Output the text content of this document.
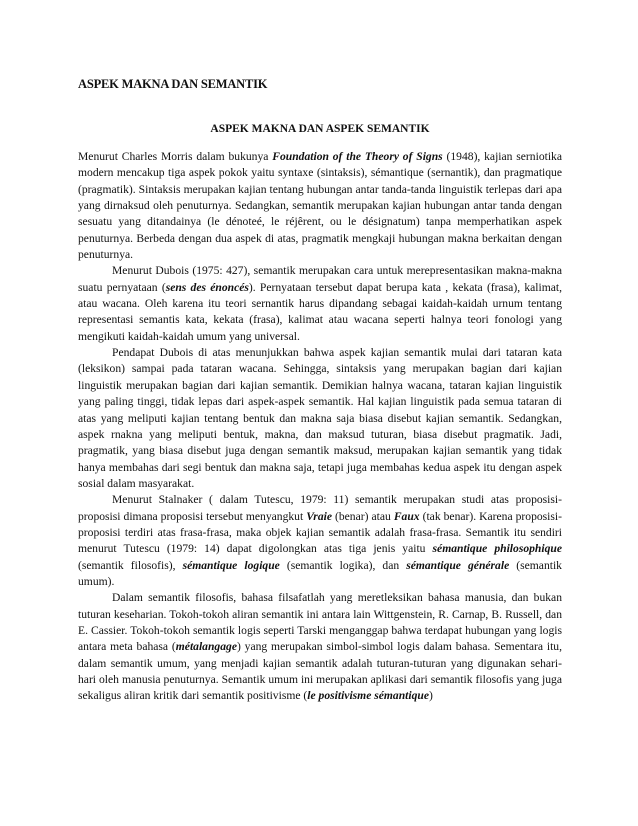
ASPEK MAKNA DAN SEMANTIK
ASPEK MAKNA DAN ASPEK SEMANTIK

Menurut Charles Morris dalam bukunya Foundation of the Theory of Signs (1948), kajian serniotika modern mencakup tiga aspek pokok yaitu syntaxe (sintaksis), sémantique (sernantik), dan pragmatique (pragmatik). Sintaksis merupakan kajian tentang hubungan antar tanda-tanda linguistik terlepas dari apa yang dirnaksud oleh penuturnya. Sedangkan, semantik merupakan kajian hubungan antar tanda dengan sesuatu yang ditandainya (le dénoteé, le réjêrent, ou le désignatum) tanpa memperhatikan aspek penuturnya. Berbeda dengan dua aspek di atas, pragmatik mengkaji hubungan makna berkaitan dengan penuturnya.

Menurut Dubois (1975: 427), semantik merupakan cara untuk merepresentasikan makna-makna suatu pernyataan (sens des énoncés). Pernyataan tersebut dapat berupa kata , kekata (frasa), kalimat, atau wacana. Oleh karena itu teori sernantik harus dipandang sebagai kaidah-kaidah urnum tentang representasi semantis kata, kekata (frasa), kalimat atau wacana seperti halnya teori fonologi yang mengikuti kaidah-kaidah umum yang universal.

Pendapat Dubois di atas menunjukkan bahwa aspek kajian semantik mulai dari tataran kata (leksikon) sampai pada tataran wacana. Sehingga, sintaksis yang merupakan bagian dari kajian linguistik merupakan bagian dari kajian semantik. Demikian halnya wacana, tataran kajian linguistik yang paling tinggi, tidak lepas dari aspek-aspek semantik. Hal kajian linguistik pada semua tataran di atas yang meliputi kajian tentang bentuk dan makna saja biasa disebut kajian semantik. Sedangkan, aspek rnakna yang meliputi bentuk, makna, dan maksud tuturan, biasa disebut pragmatik. Jadi, pragmatik, yang biasa disebut juga dengan semantik maksud, merupakan kajian semantik yang tidak hanya membahas dari segi bentuk dan makna saja, tetapi juga membahas kedua aspek itu dengan aspek sosial dalam masyarakat.

Menurut Stalnaker ( dalam Tutescu, 1979: 11) semantik merupakan studi atas proposisi-proposisi dimana proposisi tersebut menyangkut Vraie (benar) atau Faux (tak benar). Karena proposisi-proposisi terdiri atas frasa-frasa, maka objek kajian semantik adalah frasa-frasa. Semantik itu sendiri menurut Tutescu (1979: 14) dapat digolongkan atas tiga jenis yaitu sémantique philosophique (semantik filosofis), sémantique logique (semantik logika), dan sémantique générale (semantik umum).

Dalam semantik filosofis, bahasa filsafatlah yang meretleksikan bahasa manusia, dan bukan tuturan keseharian. Tokoh-tokoh aliran semantik ini antara lain Wittgenstein, R. Carnap, B. Russell, dan E. Cassier. Tokoh-tokoh semantik logis seperti Tarski menganggap bahwa terdapat hubungan yang logis antara meta bahasa (métalangage) yang merupakan simbol-simbol logis dalam bahasa. Sementara itu, dalam semantik umum, yang menjadi kajian semantik adalah tuturan-tuturan yang digunakan sehari-hari oleh manusia penuturnya. Semantik umum ini merupakan aplikasi dari semantik filosofis yang juga sekaligus aliran kritik dari semantik positivisme (le positivisme sémantique)
